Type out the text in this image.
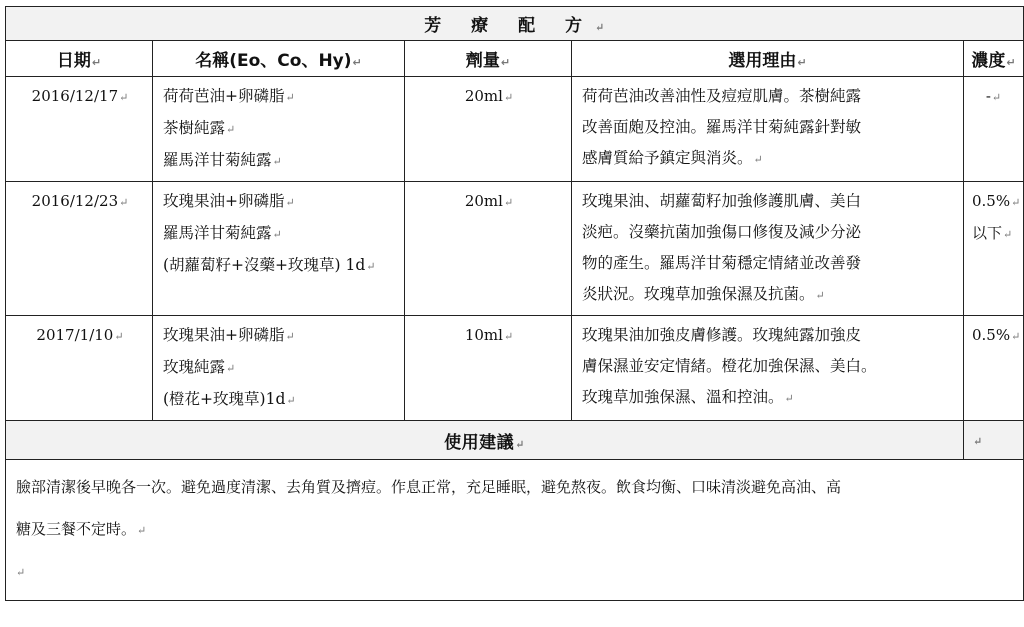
芳 療 配 方↵				
日期↵	名稱(Eo、Co、Hy)↵	劑量↵	選用理由↵	濃度↵
2016/12/17↵	荷荷芭油+卵磷脂↵
茶樹純露↵
羅馬洋甘菊純露↵	20ml↵	荷荷芭油改善油性及痘痘肌膚。茶樹純露
改善面皰及控油。羅馬洋甘菊純露針對敏
感膚質給予鎮定與消炎。↵	-↵
2016/12/23↵	玫瑰果油+卵磷脂↵
羅馬洋甘菊純露↵
(胡蘿蔔籽+沒藥+玫瑰草) 1d↵	20ml↵	玫瑰果油、胡蘿蔔籽加強修護肌膚、美白
淡疤。沒藥抗菌加強傷口修復及減少分泌
物的產生。羅馬洋甘菊穩定情緒並改善發
炎狀況。玫瑰草加強保濕及抗菌。↵	0.5%↵
以下↵

2017/1/10↵	玫瑰果油+卵磷脂↵
玫瑰純露↵
(橙花+玫瑰草)1d↵	10ml↵	玫瑰果油加強皮膚修護。玫瑰純露加強皮
膚保濕並安定情緒。橙花加強保濕、美白。
玫瑰草加強保濕、溫和控油。↵	0.5%↵
使用建議↵				↵

臉部清潔後早晚各一次。避免過度清潔、去角質及擠痘。作息正常，充足睡眠，避免熬夜。飲食均衡、口味清淡避免高油、高
糖及三餐不定時。↵
↵				
